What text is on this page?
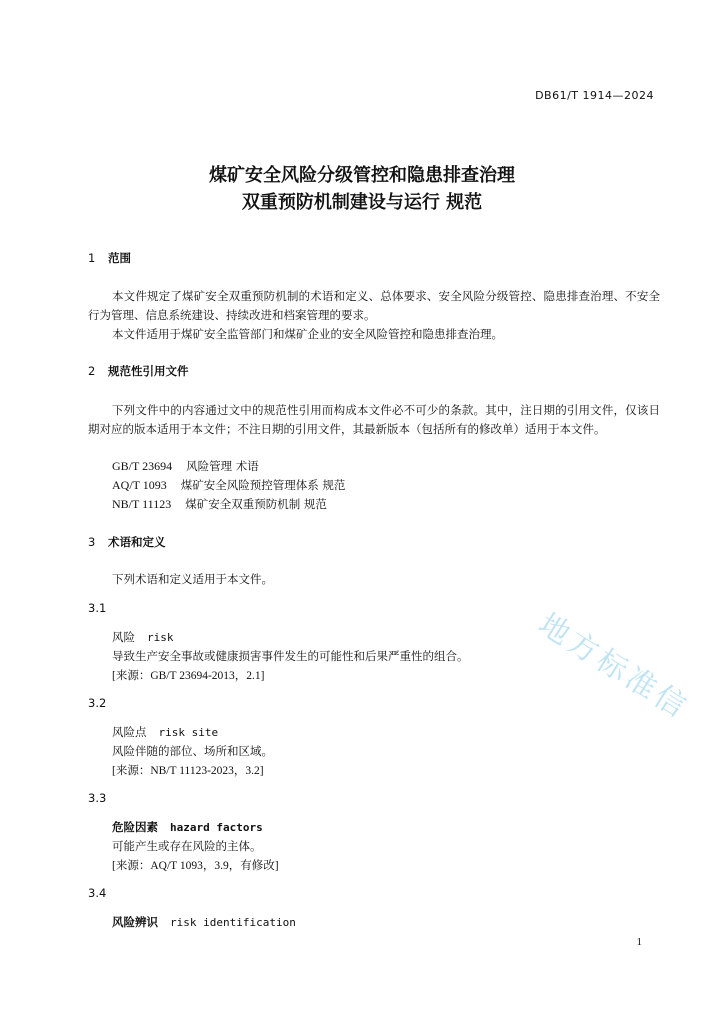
DB61/T 1914—2024
煤矿安全风险分级管控和隐患排查治理
双重预防机制建设与运行 规范
1 范围
本文件规定了煤矿安全双重预防机制的术语和定义、总体要求、安全风险分级管控、隐患排查治理、不安全行为管理、信息系统建设、持续改进和档案管理的要求。
本文件适用于煤矿安全监管部门和煤矿企业的安全风险管控和隐患排查治理。
2 规范性引用文件
下列文件中的内容通过文中的规范性引用而构成本文件必不可少的条款。其中，注日期的引用文件，仅该日期对应的版本适用于本文件；不注日期的引用文件，其最新版本（包括所有的修改单）适用于本文件。
GB/T 23694 风险管理 术语
AQ/T 1093 煤矿安全风险预控管理体系 规范
NB/T 11123 煤矿安全双重预防机制 规范
3 术语和定义
下列术语和定义适用于本文件。
3.1
风险 risk
导致生产安全事故或健康损害事件发生的可能性和后果严重性的组合。
[来源：GB/T 23694-2013，2.1]
3.2
风险点 risk site
风险伴随的部位、场所和区域。
[来源：NB/T 11123-2023，3.2]
3.3
危险因素 hazard factors
可能产生或存在风险的主体。
[来源：AQ/T 1093，3.9，有修改]
3.4
风险辨识 risk identification
1
地方标准信
